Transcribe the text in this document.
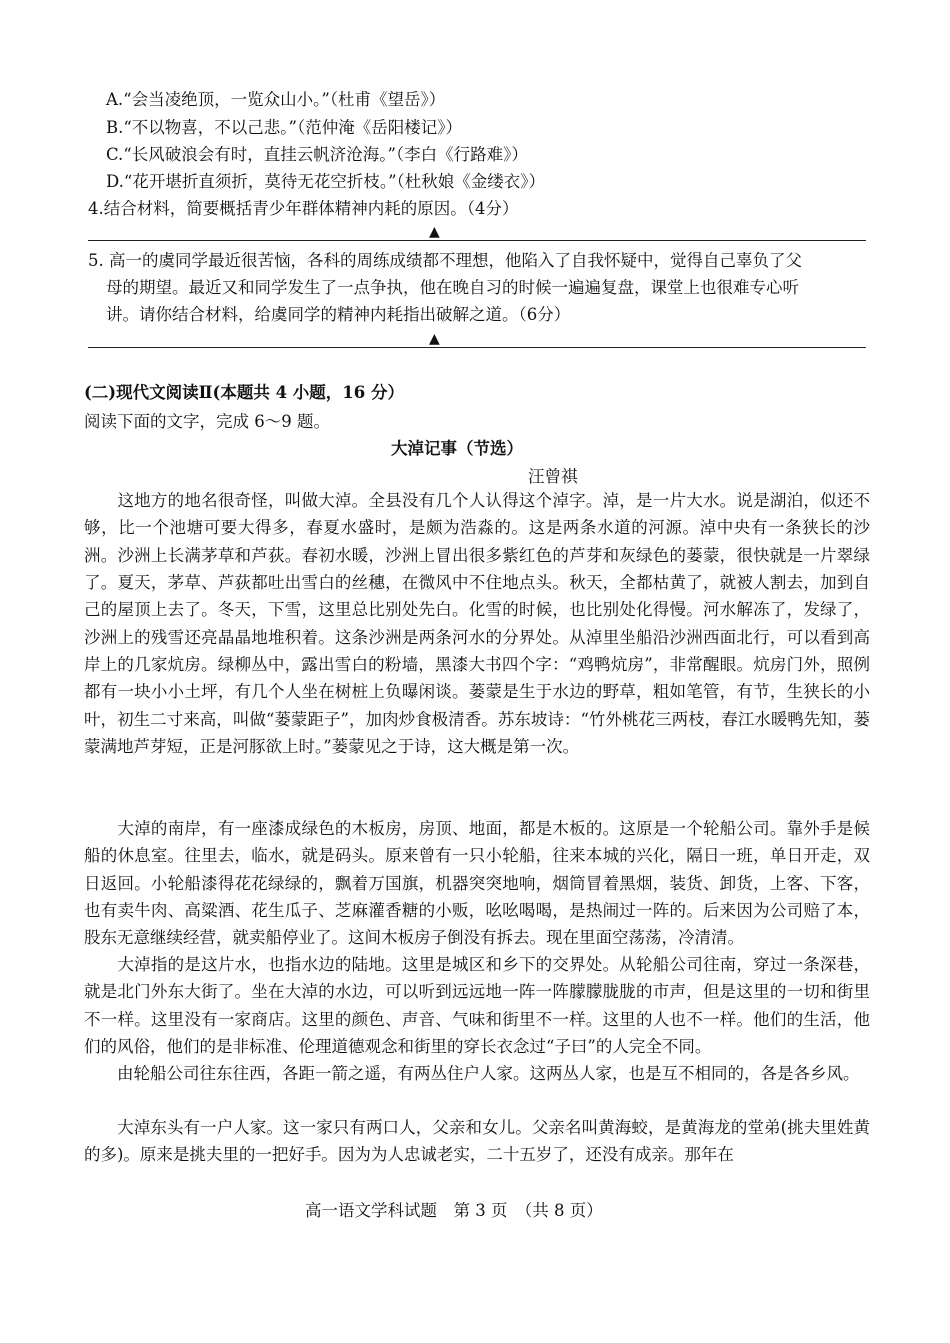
A.“会当凌绝顶，一览众山小。”（杜甫《望岳》）
B.“不以物喜，不以己悲。”（范仲淹《岳阳楼记》）
C.“长风破浪会有时，直挂云帆济沧海。”（李白《行路难》）
D.“花开堪折直须折，莫待无花空折枝。”（杜秋娘《金缕衣》）
4.结合材料，简要概括青少年群体精神内耗的原因。（4分）
▲
5. 高一的虞同学最近很苦恼，各科的周练成绩都不理想，他陷入了自我怀疑中，觉得自己辜负了父
母的期望。最近又和同学发生了一点争执，他在晚自习的时候一遍遍复盘，课堂上也很难专心听
讲。请你结合材料，给虞同学的精神内耗指出破解之道。（6分）
▲
(二)现代文阅读Ⅱ(本题共 4 小题，16 分）
阅读下面的文字，完成 6～9 题。
大淖记事（节选）
汪曾祺

　　这地方的地名很奇怪，叫做大淖。全县没有几个人认得这个淖字。淖，是一片大水。说是湖泊，似还不够，比一个池塘可要大得多，春夏水盛时，是颇为浩淼的。这是两条水道的河源。淖中央有一条狭长的沙洲。沙洲上长满茅草和芦荻。春初水暖，沙洲上冒出很多紫红色的芦芽和灰绿色的蒌蒙，很快就是一片翠绿了。夏天，茅草、芦荻都吐出雪白的丝穗，在微风中不住地点头。秋天，全都枯黄了，就被人割去，加到自己的屋顶上去了。冬天，下雪，这里总比别处先白。化雪的时候，也比别处化得慢。河水解冻了，发绿了，沙洲上的残雪还亮晶晶地堆积着。这条沙洲是两条河水的分界处。从淖里坐船沿沙洲西面北行，可以看到高岸上的几家炕房。绿柳丛中，露出雪白的粉墙，黑漆大书四个字：“鸡鸭炕房”，非常醒眼。炕房门外，照例都有一块小小土坪，有几个人坐在树桩上负曝闲谈。蒌蒙是生于水边的野草，粗如笔管，有节，生狭长的小叶，初生二寸来高，叫做“蒌蒙距子”，加肉炒食极清香。苏东坡诗：“竹外桃花三两枝，春江水暖鸭先知，蒌蒙满地芦芽短，正是河豚欲上时。”蒌蒙见之于诗，这大概是第一次。

　　大淖的南岸，有一座漆成绿色的木板房，房顶、地面，都是木板的。这原是一个轮船公司。靠外手是候船的休息室。往里去，临水，就是码头。原来曾有一只小轮船，往来本城的兴化，隔日一班，单日开走，双日返回。小轮船漆得花花绿绿的，飘着万国旗，机器突突地响，烟筒冒着黑烟，装货、卸货，上客、下客，也有卖牛肉、高粱酒、花生瓜子、芝麻灌香糖的小贩，吆吆喝喝，是热闹过一阵的。后来因为公司赔了本，股东无意继续经营，就卖船停业了。这间木板房子倒没有拆去。现在里面空荡荡，冷清清。

　　大淖指的是这片水，也指水边的陆地。这里是城区和乡下的交界处。从轮船公司往南，穿过一条深巷，就是北门外东大街了。坐在大淖的水边，可以听到远远地一阵一阵朦朦胧胧的市声，但是这里的一切和街里不一样。这里没有一家商店。这里的颜色、声音、气味和街里不一样。这里的人也不一样。他们的生活，他们的风俗，他们的是非标准、伦理道德观念和街里的穿长衣念过“子曰”的人完全不同。

　　由轮船公司往东往西，各距一箭之遥，有两丛住户人家。这两丛人家，也是互不相同的，各是各乡风。

　　大淖东头有一户人家。这一家只有两口人，父亲和女儿。父亲名叫黄海蛟，是黄海龙的堂弟(挑夫里姓黄的多)。原来是挑夫里的一把好手。因为为人忠诚老实，二十五岁了，还没有成亲。那年在

高一语文学科试题　第 3 页　（共 8 页）
